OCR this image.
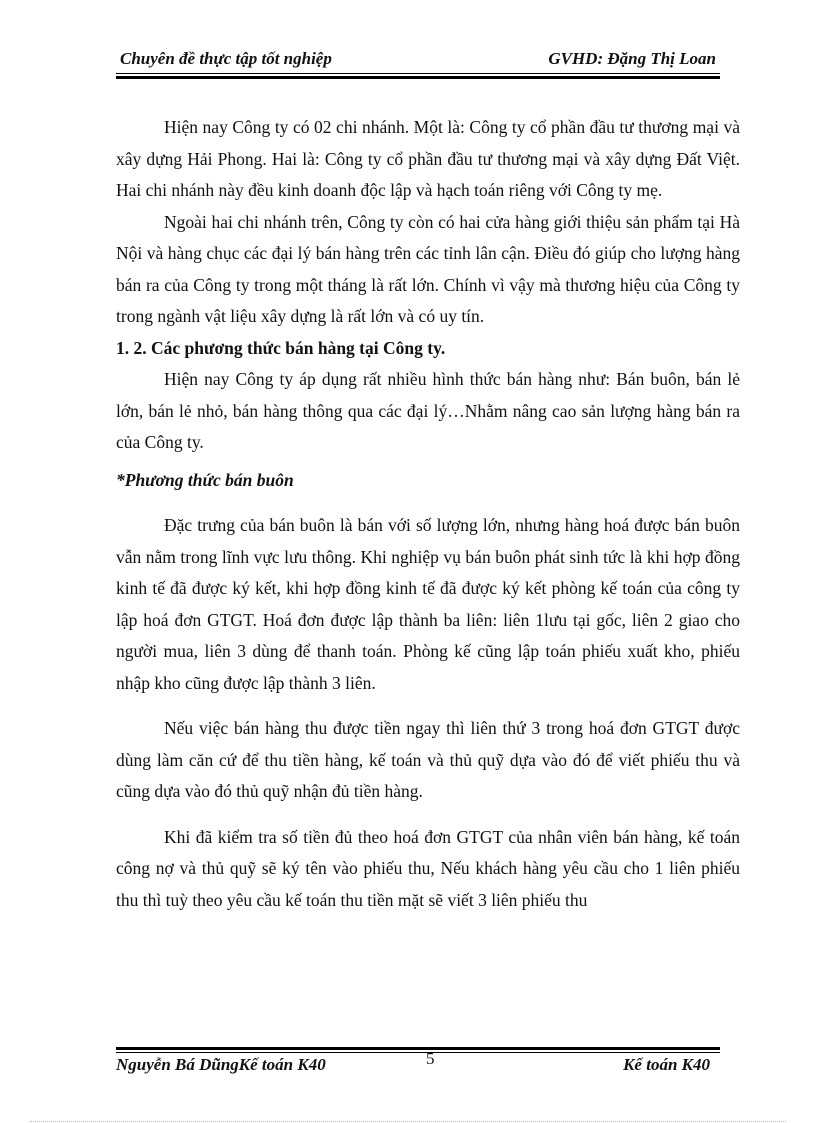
Chuyên đề thực tập tốt nghiệp	GVHD: Đặng Thị Loan

Hiện nay Công ty có 02 chi nhánh. Một là: Công ty cổ phần đầu tư thương mại và xây dựng Hải Phong. Hai là: Công ty cổ phần đầu tư thương mại và xây dựng Đất Việt. Hai chi nhánh này đều kinh doanh độc lập và hạch toán riêng với Công ty mẹ.

Ngoài hai chi nhánh trên, Công ty còn có hai cửa hàng giới thiệu sản phẩm tại Hà Nội và hàng chục các đại lý bán hàng trên các tỉnh lân cận. Điều đó giúp cho lượng hàng bán ra của Công ty trong một tháng là rất lớn. Chính vì vậy mà thương hiệu của Công ty trong ngành vật liệu xây dựng là rất lớn và có uy tín.

1. 2. Các phương thức bán hàng tại Công ty.

Hiện nay Công ty áp dụng rất nhiều hình thức bán hàng như: Bán buôn, bán lẻ lớn, bán lẻ nhỏ, bán hàng thông qua các đại lý…Nhằm nâng cao sản lượng hàng bán ra của Công ty.

*Phương thức bán buôn

Đặc trưng của bán buôn là bán với số lượng lớn, nhưng hàng hoá được bán buôn vẫn nằm trong lĩnh vực lưu thông. Khi nghiệp vụ bán buôn phát sinh tức là khi hợp đồng kinh tế đã được ký kết, khi hợp đồng kinh tế đã được ký kết phòng kế toán của công ty lập hoá đơn GTGT. Hoá đơn được lập thành ba liên: liên 1lưu tại gốc, liên 2 giao cho người mua, liên 3 dùng để thanh toán. Phòng kế cũng lập toán phiếu xuất kho, phiếu nhập kho cũng được lập thành 3 liên.

Nếu việc bán hàng thu được tiền ngay thì liên thứ 3 trong hoá đơn GTGT được dùng làm căn cứ để thu tiền hàng, kế toán và thủ quỹ dựa vào đó để viết phiếu thu và cũng dựa vào đó thủ quỹ nhận đủ tiền hàng.

Khi đã kiểm tra số tiền đủ theo hoá đơn GTGT của nhân viên bán hàng, kế toán công nợ và thủ quỹ sẽ ký tên vào phiếu thu, Nếu khách hàng yêu cầu cho 1 liên phiếu thu thì tuỳ theo yêu cầu kế toán thu tiền mặt sẽ viết 3 liên phiếu thu

Nguyễn Bá DũngKế toán K40	5	Kế toán K40
